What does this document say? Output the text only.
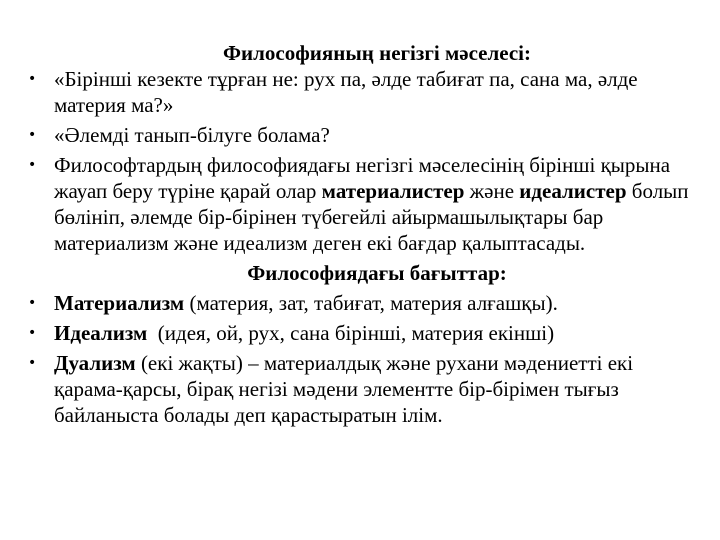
Философияның негізгі мәселесі:

• «Бірінші кезекте тұрған не: рух па, әлде табиғат па, сана ма, әлде материя ма?»
• «Әлемді танып-білуге болама?
• Философтардың философиядағы негізгі мәселесінің бірінші қырына жауап беру түріне қарай олар материалистер және идеалистер болып бөлініп, әлемде бір-бірінен түбегейлі айырмашылықтары бар материализм және идеализм деген екі бағдар қалыптасады.

Философиядағы бағыттар:

• Материализм (материя, зат, табиғат, материя алғашқы).
• Идеализм  (идея, ой, рух, сана бірінші, материя екінші)
• Дуализм (екі жақты) – материалдық және рухани мәдениетті екі қарама-қарсы, бірақ негізі мәдени элементте бір-бірімен тығыз байланыста болады деп қарастыратын ілім.
